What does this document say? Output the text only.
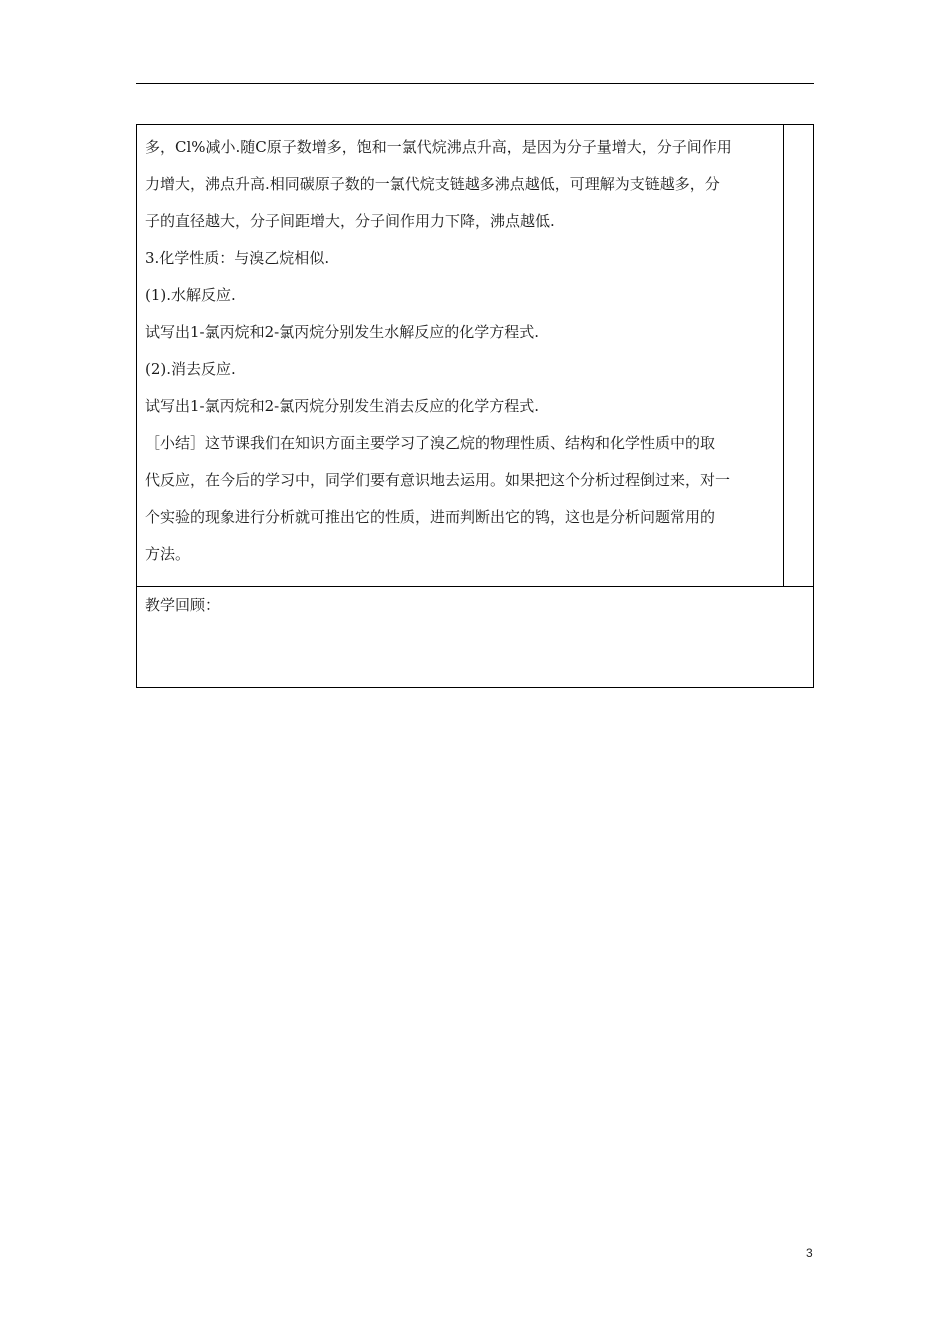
多，Cl%减小.随C原子数增多，饱和一氯代烷沸点升高，是因为分子量增大，分子间作用

力增大，沸点升高.相同碳原子数的一氯代烷支链越多沸点越低，可理解为支链越多，分

子的直径越大，分子间距增大，分子间作用力下降，沸点越低.

3.化学性质：与溴乙烷相似.

(1).水解反应.

试写出1-氯丙烷和2-氯丙烷分别发生水解反应的化学方程式.

(2).消去反应.

试写出1-氯丙烷和2-氯丙烷分别发生消去反应的化学方程式.

［小结］这节课我们在知识方面主要学习了溴乙烷的物理性质、结构和化学性质中的取

代反应，在今后的学习中，同学们要有意识地去运用。如果把这个分析过程倒过来，对一

个实验的现象进行分析就可推出它的性质，进而判断出它的鸨，这也是分析问题常用的

方法。

教学回顾：

3
